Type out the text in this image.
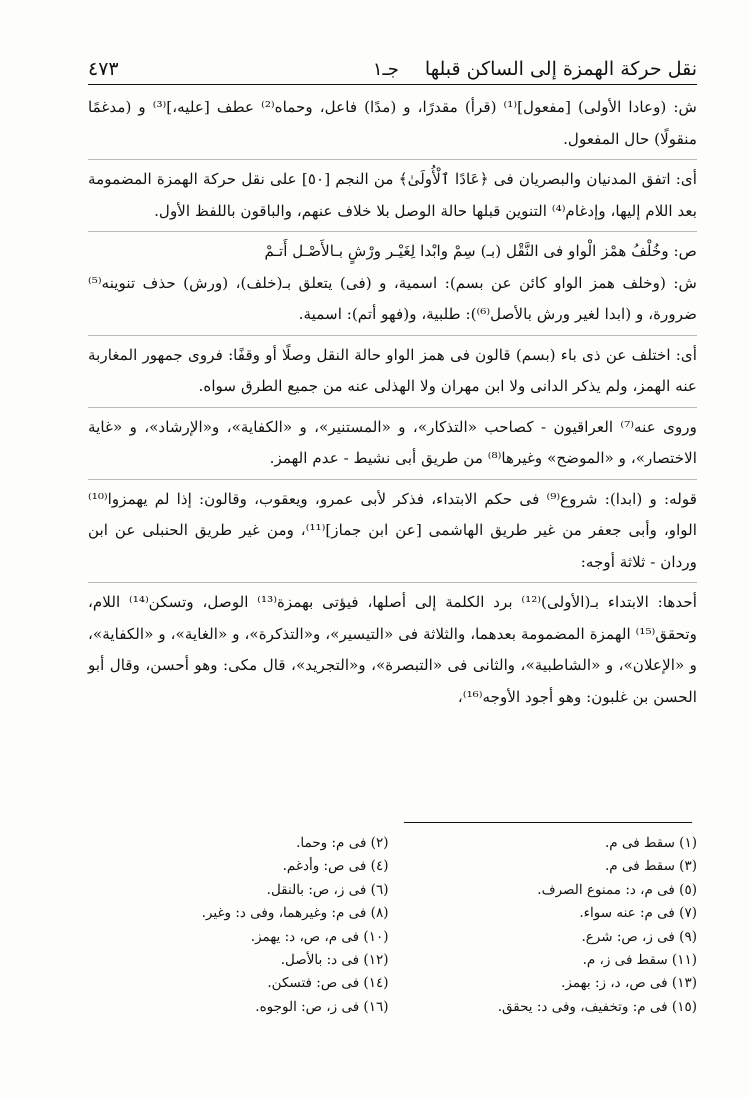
نقل حركة الهمزة إلى الساكن قبلها
جـ١
٤٧٣

ش: (وعادا الأولى) [مفعول]⁽¹⁾ (قرأ) مقدرًا، و (مدًا) فاعل، وحماه⁽²⁾ عطف [عليه،]⁽³⁾ و (مدغمًا منقولًا) حال المفعول.

أى: اتفق المدنيان والبصريان فى ﴿عَادًا ٱلْأُولَىٰ﴾ من النجم [٥٠] على نقل حركة الهمزة المضمومة بعد اللام إليها، وإدغام⁽⁴⁾ التنوين قبلها حالة الوصل بلا خلاف عنهم، والباقون باللفظ الأول.

ص: وخُلْفُ همْز الْواو فى النَّقْل (بـ) سِمْ وابْدا لِغَيْـر ورْشٍ بـالأَصْـل أَتـمْ

ش: (وخلف همز الواو كائن عن بسم): اسمية، و (فى) يتعلق بـ(خلف)، (ورش) حذف تنوينه⁽⁵⁾ ضرورة، و (ابدا لغير ورش بالأصل⁽⁶⁾): طلبية، و(فهو أتم): اسمية.

أى: اختلف عن ذى باء (بسم) قالون فى همز الواو حالة النقل وصلًا أو وقفًا: فروى جمهور المغاربة عنه الهمز، ولم يذكر الدانى ولا ابن مهران ولا الهذلى عنه من جميع الطرق سواه.

وروى عنه⁽⁷⁾ العراقيون - كصاحب «التذكار»، و «المستنير»، و «الكفاية»، و«الإرشاد»، و «غاية الاختصار»، و «الموضح» وغيرها⁽⁸⁾ من طريق أبى نشيط - عدم الهمز.

قوله: و (ابدا): شروع⁽⁹⁾ فى حكم الابتداء، فذكر لأبى عمرو، ويعقوب، وقالون: إذا لم يهمزوا⁽¹⁰⁾ الواو، وأبى جعفر من غير طريق الهاشمى [عن ابن جماز]⁽¹¹⁾، ومن غير طريق الحنبلى عن ابن وردان - ثلاثة أوجه:

أحدها: الابتداء بـ(الأولى)⁽¹²⁾ برد الكلمة إلى أصلها، فيؤتى بهمزة⁽¹³⁾ الوصل، وتسكن⁽¹⁴⁾ اللام، وتحقق⁽¹⁵⁾ الهمزة المضمومة بعدهما، والثلاثة فى «التيسير»، و«التذكرة»، و «الغاية»، و «الكفاية»، و «الإعلان»، و «الشاطبية»، والثانى فى «التبصرة»، و«التجريد»، قال مكى: وهو أحسن، وقال أبو الحسن بن غلبون: وهو أجود الأوجه⁽¹⁶⁾،

(١) سقط فى م.
(٣) سقط فى م.
(٥) فى م، د: ممنوع الصرف.
(٧) فى م: عنه سواء.
(٩) فى ز، ص: شرع.
(١١) سقط فى ز، م.
(١٣) فى ص، د، ز: بهمز.
(١٥) فى م: وتخفيف، وفى د: يحقق.
(٢) فى م: وحما.
(٤) فى ص: وأدغم.
(٦) فى ز، ص: بالنقل.
(٨) فى م: وغيرهما، وفى د: وغير.
(١٠) فى م، ص، د: يهمز.
(١٢) فى د: بالأصل.
(١٤) فى ص: فتسكن.
(١٦) فى ز، ص: الوجوه.
